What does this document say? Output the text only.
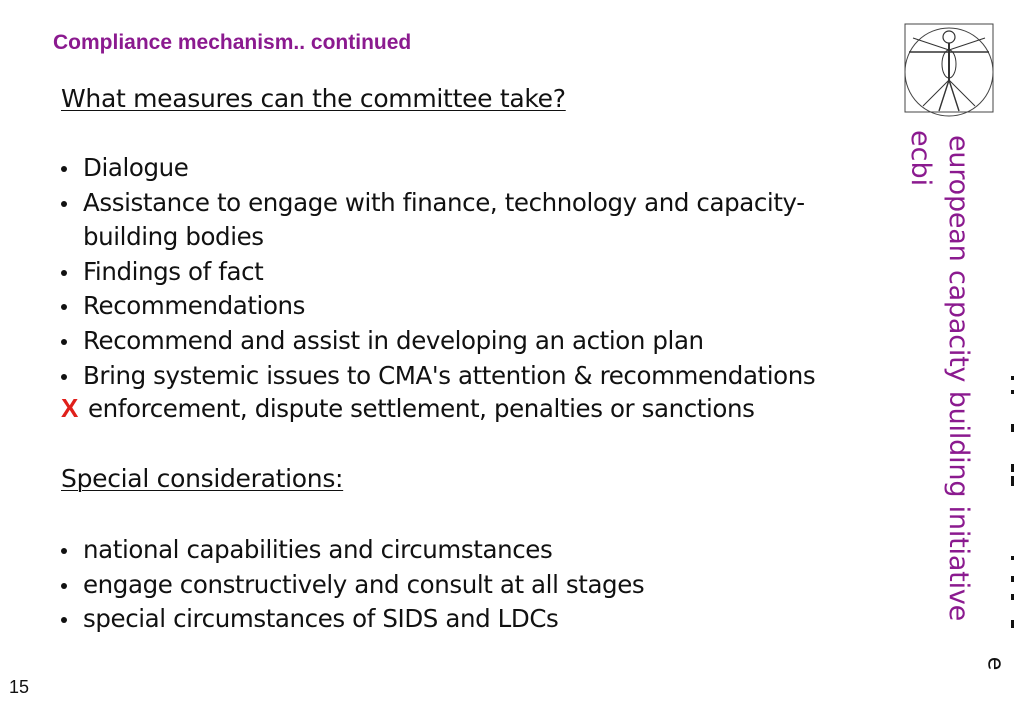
Compliance mechanism.. continued
What measures can the committee take?
Dialogue
Assistance to engage with finance, technology and capacity-building bodies
Findings of fact
Recommendations
Recommend and assist in developing an action plan
Bring systemic issues to CMA's attention & recommendations
X enforcement, dispute settlement, penalties or sanctions
Special considerations:
national capabilities and circumstances
engage constructively and consult at all stages
special circumstances of SIDS and LDCs
ecbi european capacity building initiative
e
15
